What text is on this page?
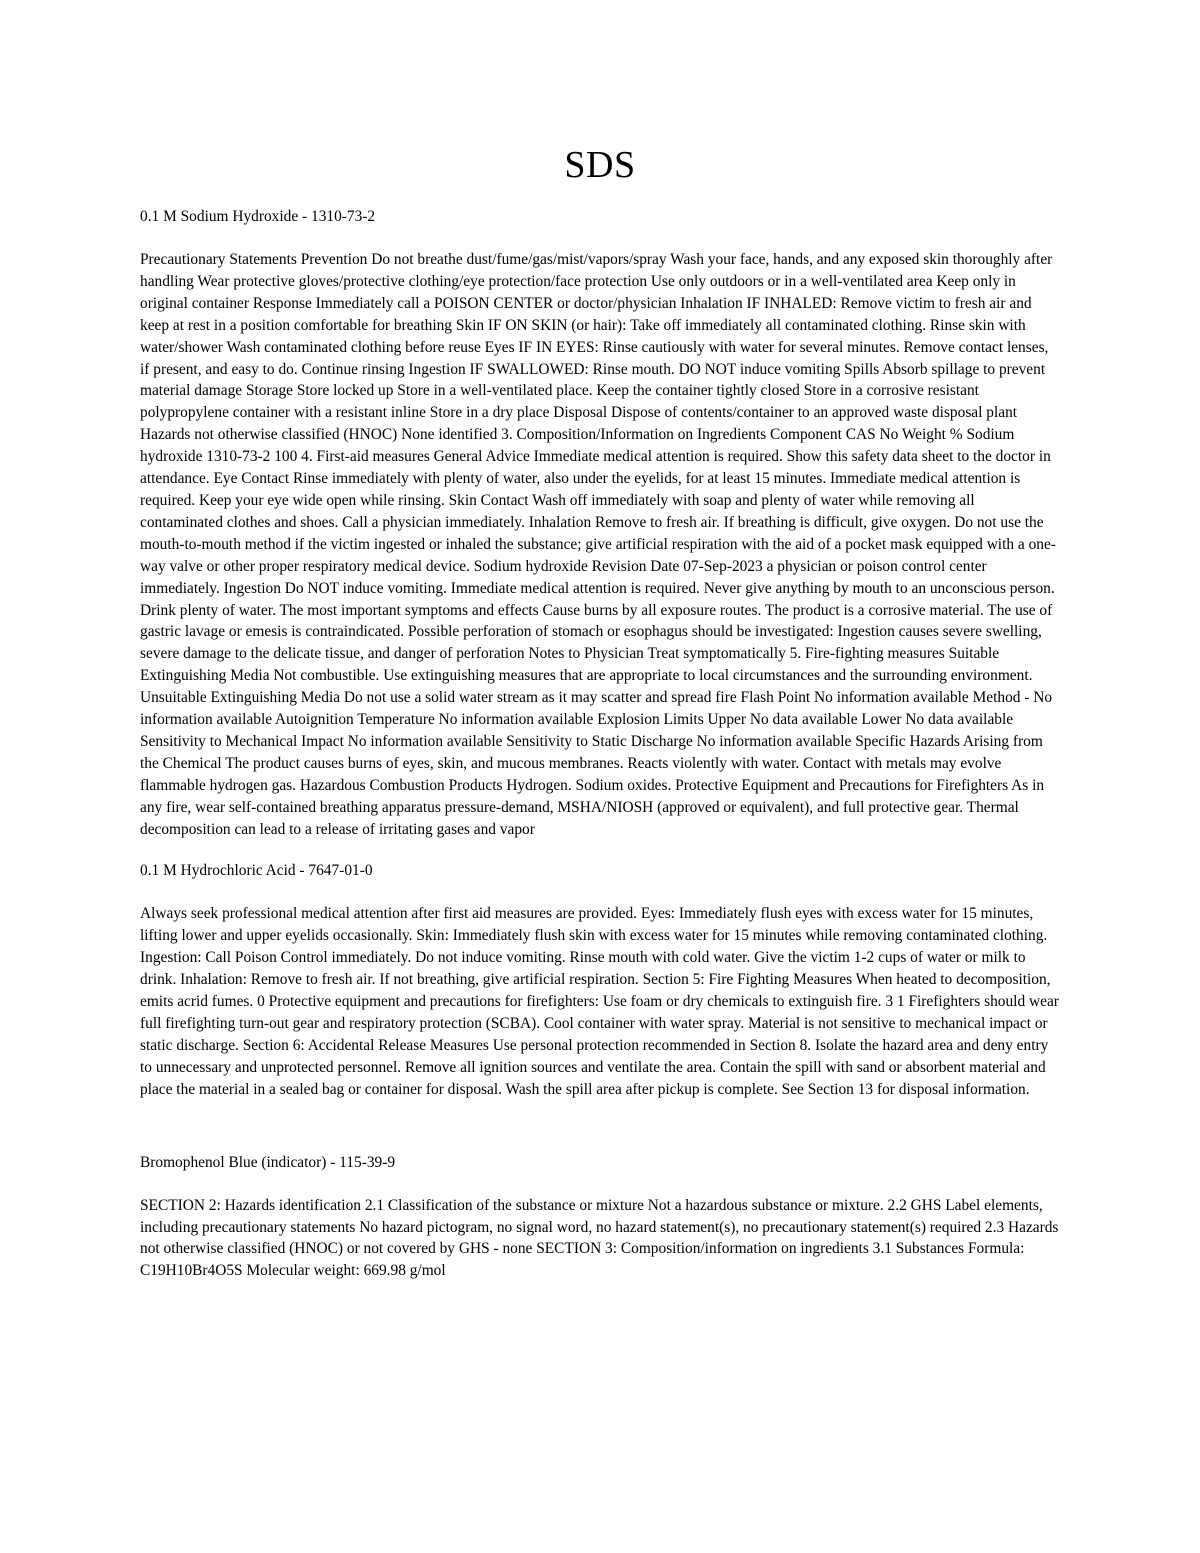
SDS

0.1 M Sodium Hydroxide - 1310-73-2

Precautionary Statements Prevention Do not breathe dust/fume/gas/mist/vapors/spray Wash your face, hands, and any exposed skin thoroughly after handling Wear protective gloves/protective clothing/eye protection/face protection Use only outdoors or in a well-ventilated area Keep only in original container Response Immediately call a POISON CENTER or doctor/physician Inhalation IF INHALED: Remove victim to fresh air and keep at rest in a position comfortable for breathing Skin IF ON SKIN (or hair): Take off immediately all contaminated clothing. Rinse skin with water/shower Wash contaminated clothing before reuse Eyes IF IN EYES: Rinse cautiously with water for several minutes. Remove contact lenses, if present, and easy to do. Continue rinsing Ingestion IF SWALLOWED: Rinse mouth. DO NOT induce vomiting Spills Absorb spillage to prevent material damage Storage Store locked up Store in a well-ventilated place. Keep the container tightly closed Store in a corrosive resistant polypropylene container with a resistant inline Store in a dry place Disposal Dispose of contents/container to an approved waste disposal plant Hazards not otherwise classified (HNOC) None identified 3. Composition/Information on Ingredients Component CAS No Weight % Sodium hydroxide 1310-73-2 100 4. First-aid measures General Advice Immediate medical attention is required. Show this safety data sheet to the doctor in attendance. Eye Contact Rinse immediately with plenty of water, also under the eyelids, for at least 15 minutes. Immediate medical attention is required. Keep your eye wide open while rinsing. Skin Contact Wash off immediately with soap and plenty of water while removing all contaminated clothes and shoes. Call a physician immediately. Inhalation Remove to fresh air. If breathing is difficult, give oxygen. Do not use the mouth-to-mouth method if the victim ingested or inhaled the substance; give artificial respiration with the aid of a pocket mask equipped with a one-way valve or other proper respiratory medical device. Sodium hydroxide Revision Date 07-Sep-2023 a physician or poison control center immediately. Ingestion Do NOT induce vomiting. Immediate medical attention is required. Never give anything by mouth to an unconscious person. Drink plenty of water. The most important symptoms and effects Cause burns by all exposure routes. The product is a corrosive material. The use of gastric lavage or emesis is contraindicated. Possible perforation of stomach or esophagus should be investigated: Ingestion causes severe swelling, severe damage to the delicate tissue, and danger of perforation Notes to Physician Treat symptomatically 5. Fire-fighting measures Suitable Extinguishing Media Not combustible. Use extinguishing measures that are appropriate to local circumstances and the surrounding environment. Unsuitable Extinguishing Media Do not use a solid water stream as it may scatter and spread fire Flash Point No information available Method - No information available Autoignition Temperature No information available Explosion Limits Upper No data available Lower No data available Sensitivity to Mechanical Impact No information available Sensitivity to Static Discharge No information available Specific Hazards Arising from the Chemical The product causes burns of eyes, skin, and mucous membranes. Reacts violently with water. Contact with metals may evolve flammable hydrogen gas. Hazardous Combustion Products Hydrogen. Sodium oxides. Protective Equipment and Precautions for Firefighters As in any fire, wear self-contained breathing apparatus pressure-demand, MSHA/NIOSH (approved or equivalent), and full protective gear. Thermal decomposition can lead to a release of irritating gases and vapor

0.1 M Hydrochloric Acid - 7647-01-0

Always seek professional medical attention after first aid measures are provided. Eyes: Immediately flush eyes with excess water for 15 minutes, lifting lower and upper eyelids occasionally. Skin: Immediately flush skin with excess water for 15 minutes while removing contaminated clothing. Ingestion: Call Poison Control immediately. Do not induce vomiting. Rinse mouth with cold water. Give the victim 1-2 cups of water or milk to drink. Inhalation: Remove to fresh air. If not breathing, give artificial respiration. Section 5: Fire Fighting Measures When heated to decomposition, emits acrid fumes. 0 Protective equipment and precautions for firefighters: Use foam or dry chemicals to extinguish fire. 3 1 Firefighters should wear full firefighting turn-out gear and respiratory protection (SCBA). Cool container with water spray. Material is not sensitive to mechanical impact or static discharge. Section 6: Accidental Release Measures Use personal protection recommended in Section 8. Isolate the hazard area and deny entry to unnecessary and unprotected personnel. Remove all ignition sources and ventilate the area. Contain the spill with sand or absorbent material and place the material in a sealed bag or container for disposal. Wash the spill area after pickup is complete. See Section 13 for disposal information.

Bromophenol Blue (indicator) - 115-39-9

SECTION 2: Hazards identification 2.1 Classification of the substance or mixture Not a hazardous substance or mixture. 2.2 GHS Label elements, including precautionary statements No hazard pictogram, no signal word, no hazard statement(s), no precautionary statement(s) required 2.3 Hazards not otherwise classified (HNOC) or not covered by GHS - none SECTION 3: Composition/information on ingredients 3.1 Substances Formula: C19H10Br4O5S Molecular weight: 669.98 g/mol
